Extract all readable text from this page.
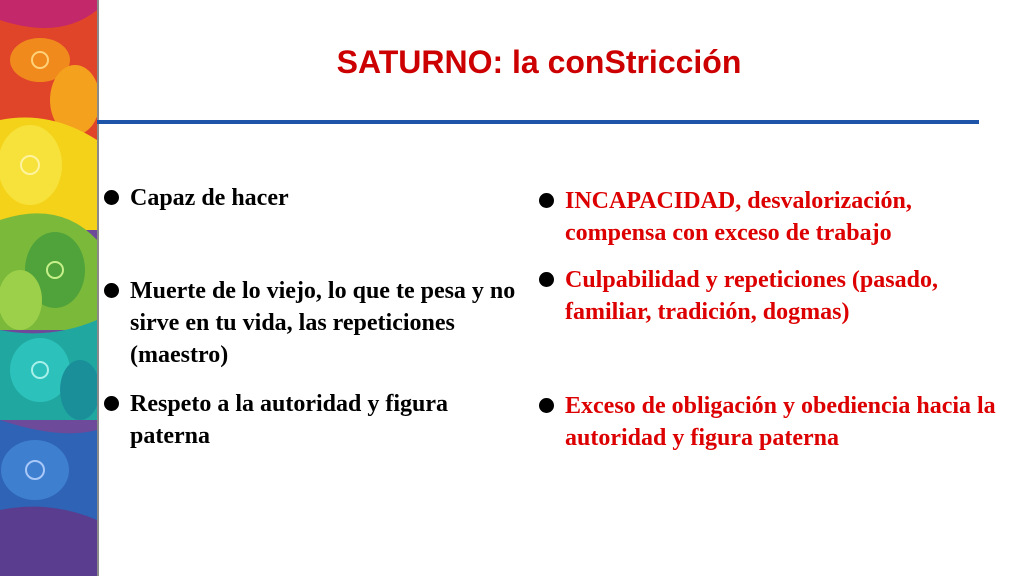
SATURNO: la conStricción
Capaz de hacer
Muerte de lo viejo, lo que te pesa y no sirve en tu vida, las repeticiones (maestro)
Respeto a la autoridad y figura paterna
INCAPACIDAD, desvalorización, compensa con exceso de trabajo
Culpabilidad y repeticiones (pasado, familiar, tradición, dogmas)
Exceso de obligación y obediencia hacia la autoridad y figura paterna
